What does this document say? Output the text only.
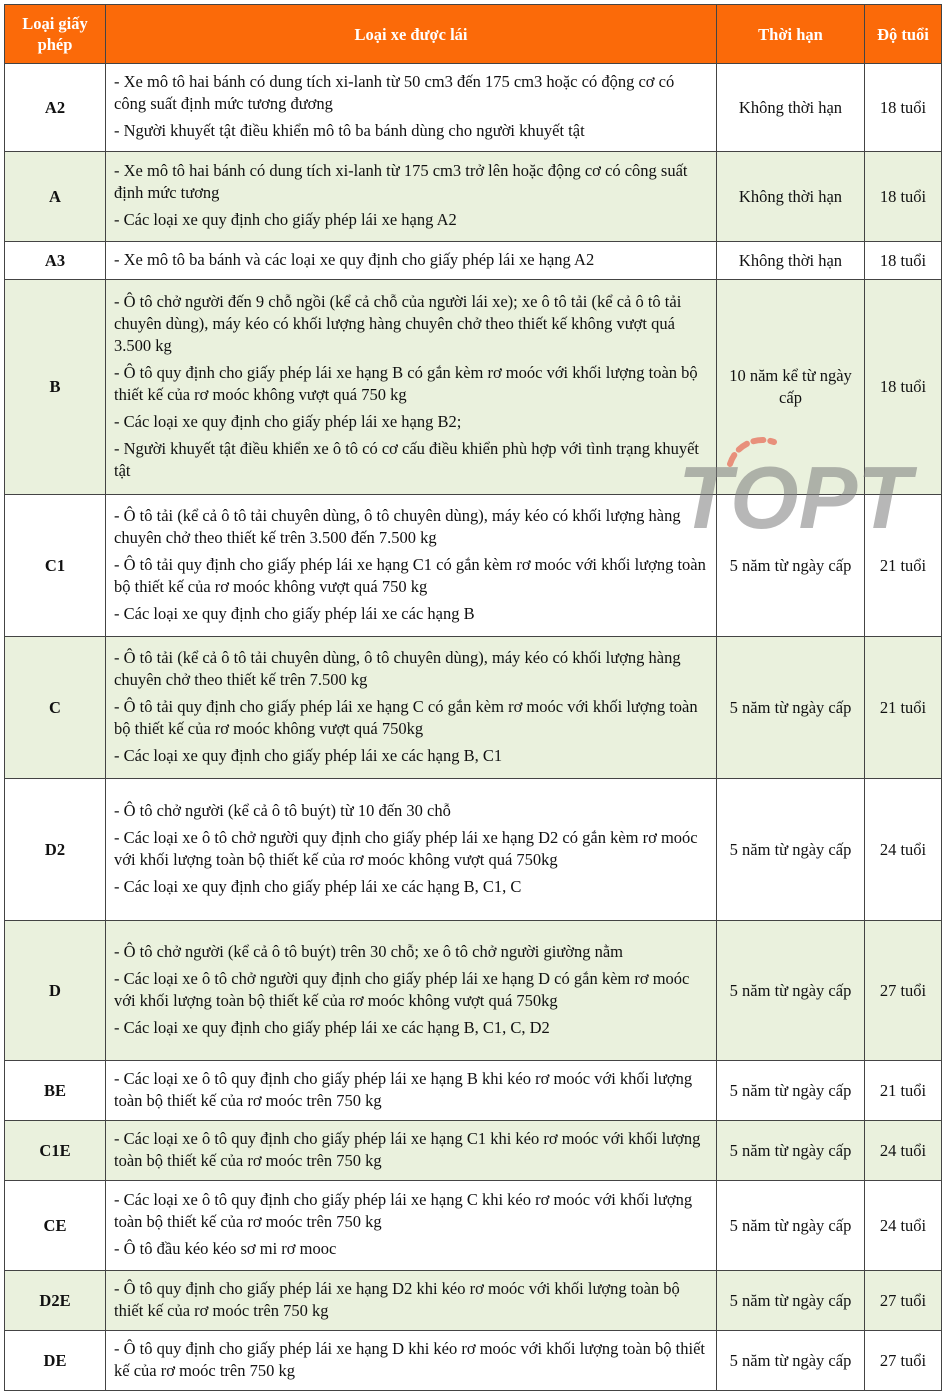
Loại giấy phép	Loại xe được lái	Thời hạn	Độ tuổi
A2	- Xe mô tô hai bánh có dung tích xi-lanh từ 50 cm3 đến 175 cm3 hoặc có động cơ có công suất định mức tương đương

- Người khuyết tật điều khiển mô tô ba bánh dùng cho người khuyết tật	Không thời hạn	18 tuổi
A	- Xe mô tô hai bánh có dung tích xi-lanh từ 175 cm3 trở lên hoặc động cơ có công suất định mức tương

- Các loại xe quy định cho giấy phép lái xe hạng A2	Không thời hạn	18 tuổi
A3	- Xe mô tô ba bánh và các loại xe quy định cho giấy phép lái xe hạng A2	Không thời hạn	18 tuổi
B	- Ô tô chở người đến 9 chỗ ngồi (kể cả chỗ của người lái xe); xe ô tô tải (kể cả ô tô tải chuyên dùng), máy kéo có khối lượng hàng chuyên chở theo thiết kế không vượt quá 3.500 kg

- Ô tô quy định cho giấy phép lái xe hạng B có gắn kèm rơ moóc với khối lượng toàn bộ thiết kế của rơ moóc không vượt quá 750 kg

- Các loại xe quy định cho giấy phép lái xe hạng B2;

- Người khuyết tật điều khiển xe ô tô có cơ cấu điều khiển phù hợp với tình trạng khuyết tật	10 năm kể từ ngày cấp	18 tuổi
C1	- Ô tô tải (kể cả ô tô tải chuyên dùng, ô tô chuyên dùng), máy kéo có khối lượng hàng chuyên chở theo thiết kế trên 3.500 đến 7.500 kg

- Ô tô tải quy định cho giấy phép lái xe hạng C1 có gắn kèm rơ moóc với khối lượng toàn bộ thiết kế của rơ moóc không vượt quá 750 kg

- Các loại xe quy định cho giấy phép lái xe các hạng B	5 năm từ ngày cấp	21 tuổi
C	- Ô tô tải (kể cả ô tô tải chuyên dùng, ô tô chuyên dùng), máy kéo có khối lượng hàng chuyên chở theo thiết kế trên 7.500 kg

- Ô tô tải quy định cho giấy phép lái xe hạng C có gắn kèm rơ moóc với khối lượng toàn bộ thiết kế của rơ moóc không vượt quá 750kg

- Các loại xe quy định cho giấy phép lái xe các hạng B, C1	5 năm từ ngày cấp	21 tuổi
D2	- Ô tô chở người (kể cả ô tô buýt) từ 10 đến 30 chỗ

- Các loại xe ô tô chở người quy định cho giấy phép lái xe hạng D2 có gắn kèm rơ moóc với khối lượng toàn bộ thiết kế của rơ moóc không vượt quá 750kg

- Các loại xe quy định cho giấy phép lái xe các hạng B, C1, C	5 năm từ ngày cấp	24 tuổi
D	- Ô tô chở người (kể cả ô tô buýt) trên 30 chỗ; xe ô tô chở người giường nằm

- Các loại xe ô tô chở người quy định cho giấy phép lái xe hạng D có gắn kèm rơ moóc với khối lượng toàn bộ thiết kế của rơ moóc không vượt quá 750kg

- Các loại xe quy định cho giấy phép lái xe các hạng B, C1, C, D2	5 năm từ ngày cấp	27 tuổi
BE	- Các loại xe ô tô quy định cho giấy phép lái xe hạng B khi kéo rơ moóc với khối lượng toàn bộ thiết kế của rơ moóc trên 750 kg	5 năm từ ngày cấp	21 tuổi
C1E	- Các loại xe ô tô quy định cho giấy phép lái xe hạng C1 khi kéo rơ moóc với khối lượng toàn bộ thiết kế của rơ moóc trên 750 kg	5 năm từ ngày cấp	24 tuổi
CE	- Các loại xe ô tô quy định cho giấy phép lái xe hạng C khi kéo rơ moóc với khối lượng toàn bộ thiết kế của rơ moóc trên 750 kg

- Ô tô đầu kéo kéo sơ mi rơ mooc	5 năm từ ngày cấp	24 tuổi
D2E	- Ô tô quy định cho giấy phép lái xe hạng D2 khi kéo rơ moóc với khối lượng toàn bộ thiết kế của rơ moóc trên 750 kg	5 năm từ ngày cấp	27 tuổi
DE	- Ô tô quy định cho giấy phép lái xe hạng D khi kéo rơ moóc với khối lượng toàn bộ thiết kế của rơ moóc trên 750 kg	5 năm từ ngày cấp	27 tuổi
TOPT
